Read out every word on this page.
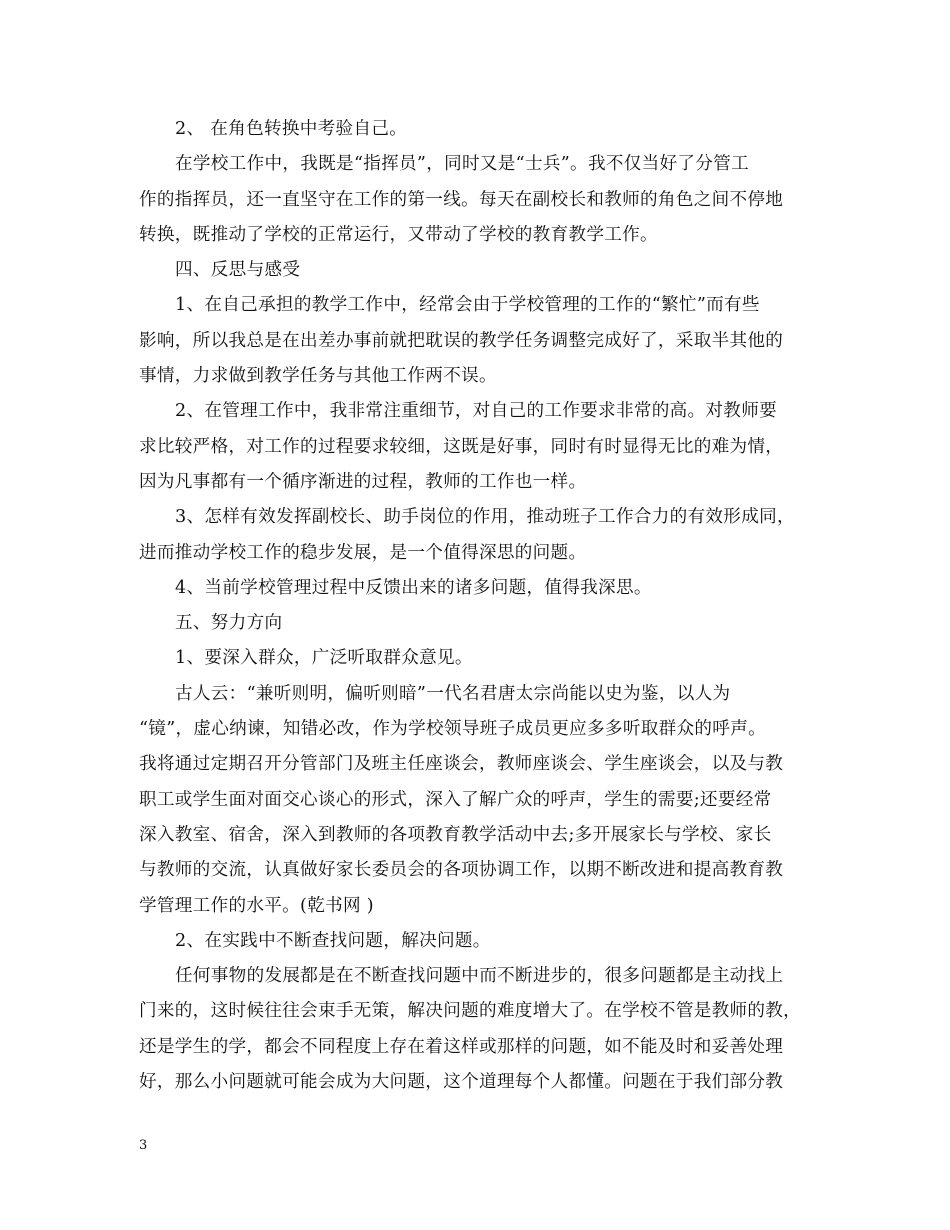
2、 在角色转换中考验自己。
在学校工作中，我既是“指挥员”，同时又是“士兵”。我不仅当好了分管工
作的指挥员，还一直坚守在工作的第一线。每天在副校长和教师的角色之间不停地
转换，既推动了学校的正常运行，又带动了学校的教育教学工作。
四、反思与感受
1、在自己承担的教学工作中，经常会由于学校管理的工作的“繁忙”而有些
影响，所以我总是在出差办事前就把耽误的教学任务调整完成好了，采取半其他的
事情，力求做到教学任务与其他工作两不误。
2、在管理工作中，我非常注重细节，对自己的工作要求非常的高。对教师要
求比较严格，对工作的过程要求较细，这既是好事，同时有时显得无比的难为情，
因为凡事都有一个循序渐进的过程，教师的工作也一样。
3、怎样有效发挥副校长、助手岗位的作用，推动班子工作合力的有效形成同，
进而推动学校工作的稳步发展，是一个值得深思的问题。
4、当前学校管理过程中反馈出来的诸多问题，值得我深思。
五、努力方向
1、要深入群众，广泛听取群众意见。
古人云：“兼听则明，偏听则暗”一代名君唐太宗尚能以史为鉴，以人为
“镜”，虚心纳谏，知错必改，作为学校领导班子成员更应多多听取群众的呼声。
我将通过定期召开分管部门及班主任座谈会，教师座谈会、学生座谈会，以及与教
职工或学生面对面交心谈心的形式，深入了解广众的呼声，学生的需要;还要经常
深入教室、宿舍，深入到教师的各项教育教学活动中去;多开展家长与学校、家长
与教师的交流，认真做好家长委员会的各项协调工作，以期不断改进和提高教育教
学管理工作的水平。(乾书网 )
2、在实践中不断查找问题，解决问题。
任何事物的发展都是在不断查找问题中而不断进步的，很多问题都是主动找上
门来的，这时候往往会束手无策，解决问题的难度增大了。在学校不管是教师的教，
还是学生的学，都会不同程度上存在着这样或那样的问题，如不能及时和妥善处理
好，那么小问题就可能会成为大问题，这个道理每个人都懂。问题在于我们部分教
3
